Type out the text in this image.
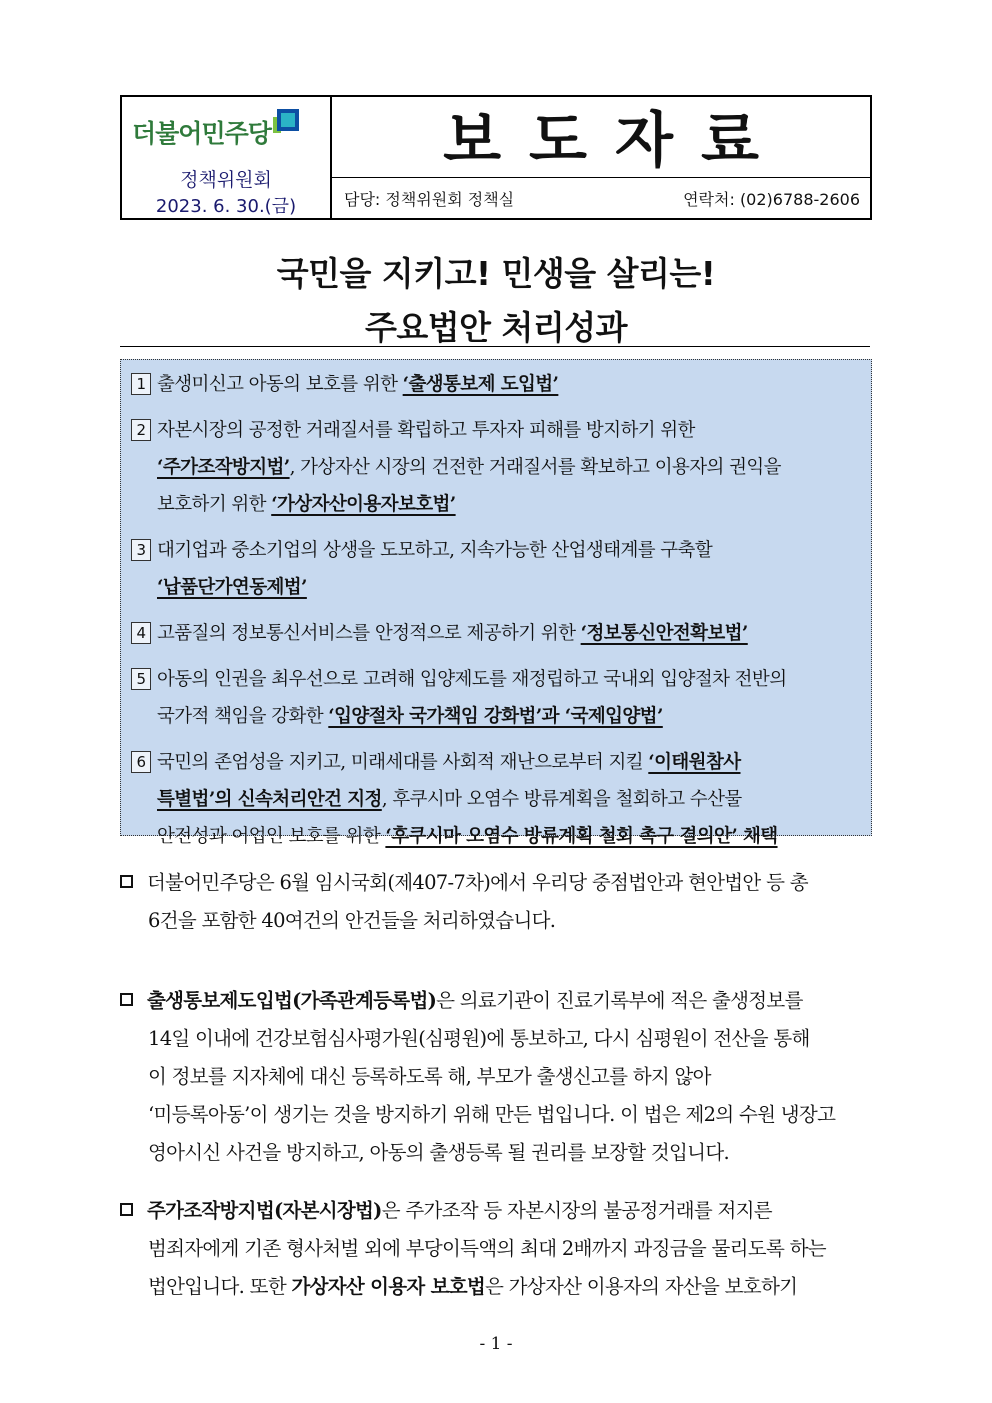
더불어민주당
정책위원회
2023. 6. 30.(금)
보도자료
담당: 정책위원회 정책실	연락처: (02)6788-2606
국민을 지키고! 민생을 살리는!
주요법안 처리성과

1 출생미신고 아동의 보호를 위한 ‘출생통보제 도입법’

2 자본시장의 공정한 거래질서를 확립하고 투자자 피해를 방지하기 위한

‘주가조작방지법’, 가상자산 시장의 건전한 거래질서를 확보하고 이용자의 권익을

보호하기 위한 ‘가상자산이용자보호법’

3 대기업과 중소기업의 상생을 도모하고, 지속가능한 산업생태계를 구축할

‘납품단가연동제법’

4 고품질의 정보통신서비스를 안정적으로 제공하기 위한 ‘정보통신안전확보법’

5 아동의 인권을 최우선으로 고려해 입양제도를 재정립하고 국내외 입양절차 전반의

국가적 책임을 강화한 ‘입양절차 국가책임 강화법’과 ‘국제입양법’

6 국민의 존엄성을 지키고, 미래세대를 사회적 재난으로부터 지킬 ‘이태원참사

특별법’의 신속처리안건 지정, 후쿠시마 오염수 방류계획을 철회하고 수산물

안전성과 어업인 보호를 위한 ‘후쿠시마 오염수 방류계획 철회 촉구 결의안’ 채택

더불어민주당은 6월 임시국회(제407-7차)에서 우리당 중점법안과 현안법안 등 총

6건을 포함한 40여건의 안건들을 처리하였습니다.

출생통보제도입법(가족관계등록법)은 의료기관이 진료기록부에 적은 출생정보를

14일 이내에 건강보험심사평가원(심평원)에 통보하고, 다시 심평원이 전산을 통해

이 정보를 지자체에 대신 등록하도록 해, 부모가 출생신고를 하지 않아

‘미등록아동’이 생기는 것을 방지하기 위해 만든 법입니다. 이 법은 제2의 수원 냉장고

영아시신 사건을 방지하고, 아동의 출생등록 될 권리를 보장할 것입니다.

주가조작방지법(자본시장법)은 주가조작 등 자본시장의 불공정거래를 저지른

범죄자에게 기존 형사처벌 외에 부당이득액의 최대 2배까지 과징금을 물리도록 하는

법안입니다. 또한 가상자산 이용자 보호법은 가상자산 이용자의 자산을 보호하기

- 1 -
